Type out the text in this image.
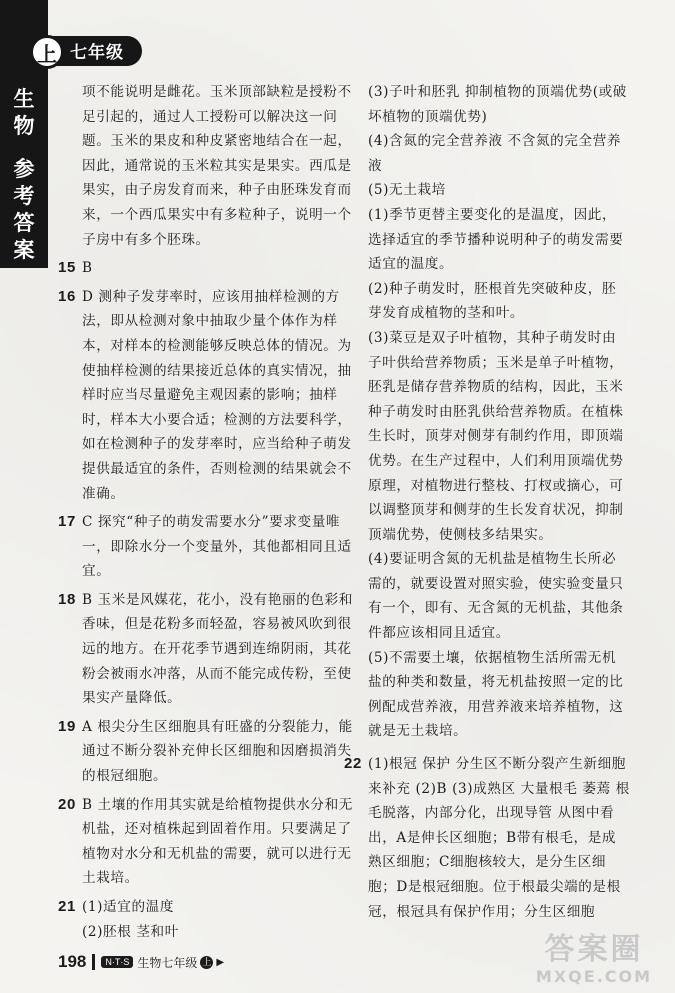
上 七年级
生
物
参
考
答
案

项不能说明是雌花。玉米顶部缺粒是授粉不足引起的，通过人工授粉可以解决这一问题。玉米的果皮和种皮紧密地结合在一起，因此，通常说的玉米粒其实是果实。西瓜是果实，由子房发育而来，种子由胚珠发育而来，一个西瓜果实中有多粒种子，说明一个子房中有多个胚珠。

15 B
16 D 测种子发芽率时，应该用抽样检测的方法，即从检测对象中抽取少量个体作为样本，对样本的检测能够反映总体的情况。为使抽样检测的结果接近总体的真实情况，抽样时应当尽量避免主观因素的影响；抽样时，样本大小要合适；检测的方法要科学，如在检测种子的发芽率时，应当给种子萌发提供最适宜的条件，否则检测的结果就会不准确。
17 C 探究“种子的萌发需要水分”要求变量唯一，即除水分一个变量外，其他都相同且适宜。
18 B 玉米是风媒花，花小，没有艳丽的色彩和香味，但是花粉多而轻盈，容易被风吹到很远的地方。在开花季节遇到连绵阴雨，其花粉会被雨水冲落，从而不能完成传粉，至使果实产量降低。
19 A 根尖分生区细胞具有旺盛的分裂能力，能通过不断分裂补充伸长区细胞和因磨损消失的根冠细胞。
20 B 土壤的作用其实就是给植物提供水分和无机盐，还对植株起到固着作用。只要满足了植物对水分和无机盐的需要，就可以进行无土栽培。
21 (1)适宜的温度

(2)胚根 茎和叶

(3)子叶和胚乳 抑制植物的顶端优势(或破坏植物的顶端优势)

(4)含氮的完全营养液 不含氮的完全营养液

(5)无土栽培

(1)季节更替主要变化的是温度，因此，选择适宜的季节播种说明种子的萌发需要适宜的温度。

(2)种子萌发时，胚根首先突破种皮，胚芽发育成植物的茎和叶。

(3)菜豆是双子叶植物，其种子萌发时由子叶供给营养物质；玉米是单子叶植物，胚乳是储存营养物质的结构，因此，玉米种子萌发时由胚乳供给营养物质。在植株生长时，顶芽对侧芽有制约作用，即顶端优势。在生产过程中，人们利用顶端优势原理，对植物进行整枝、打杈或摘心，可以调整顶芽和侧芽的生长发育状况，抑制顶端优势，使侧枝多结果实。

(4)要证明含氮的无机盐是植物生长所必需的，就要设置对照实验，使实验变量只有一个，即有、无含氮的无机盐，其他条件都应该相同且适宜。

(5)不需要土壤，依据植物生活所需无机盐的种类和数量，将无机盐按照一定的比例配成营养液，用营养液来培养植物，这就是无土栽培。

22 (1)根冠 保护 分生区不断分裂产生新细胞来补充 (2)B (3)成熟区 大量根毛 萎蔫 根毛脱落，内部分化，出现导管 从图中看出，A是伸长区细胞；B带有根毛，是成熟区细胞；C细胞核较大，是分生区细胞；D是根冠细胞。位于根最尖端的是根冠，根冠具有保护作用；分生区细胞
198	N·T·S 生物七年级 上 ▶	答案圈
MXQE.COM
